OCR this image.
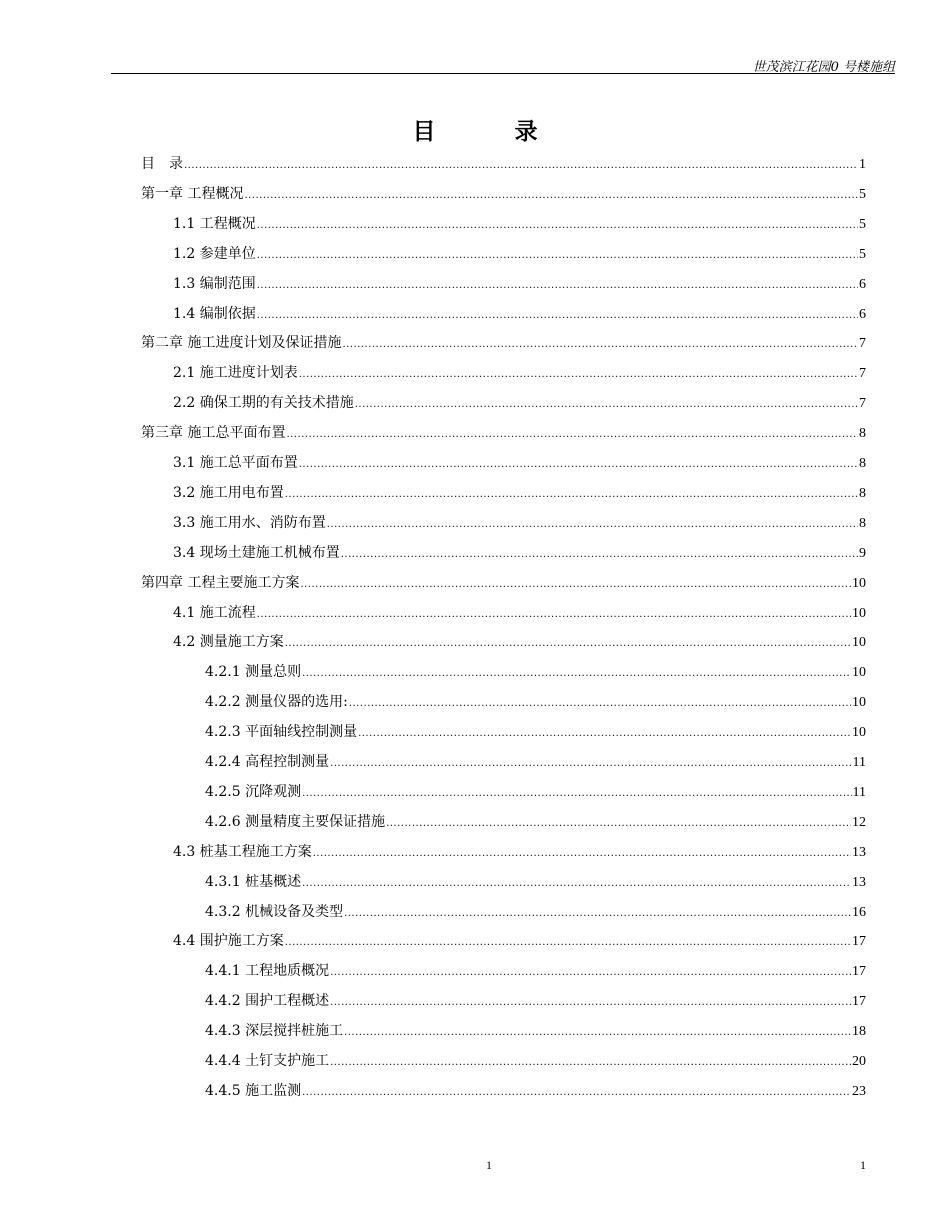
世茂滨江花园0 号楼施组
目　录
目　录 .....	1
第一章 工程概况 .....	5
1.1 工程概况 .....	5
1.2 参建单位 .....	5
1.3 编制范围 .....	6
1.4 编制依据 .....	6
第二章 施工进度计划及保证措施 .....	7
2.1 施工进度计划表 .....	7
2.2 确保工期的有关技术措施 .....	7
第三章 施工总平面布置 .....	8
3.1 施工总平面布置 .....	8
3.2 施工用电布置 .....	8
3.3 施工用水、消防布置 .....	8
3.4 现场土建施工机械布置 .....	9
第四章 工程主要施工方案 .....	10
4.1 施工流程 .....	10
4.2 测量施工方案 .....	10
4.2.1 测量总则 .....	10
4.2.2 测量仪器的选用: .....	10
4.2.3 平面轴线控制测量 .....	10
4.2.4 高程控制测量 .....	11
4.2.5 沉降观测 .....	11
4.2.6 测量精度主要保证措施 .....	12
4.3 桩基工程施工方案 .....	13
4.3.1 桩基概述 .....	13
4.3.2 机械设备及类型 .....	16
4.4 围护施工方案 .....	17
4.4.1 工程地质概况 .....	17
4.4.2 围护工程概述 .....	17
4.4.3 深层搅拌桩施工 .....	18
4.4.4 土钉支护施工 .....	20
4.4.5 施工监测 .....	23
1	1
